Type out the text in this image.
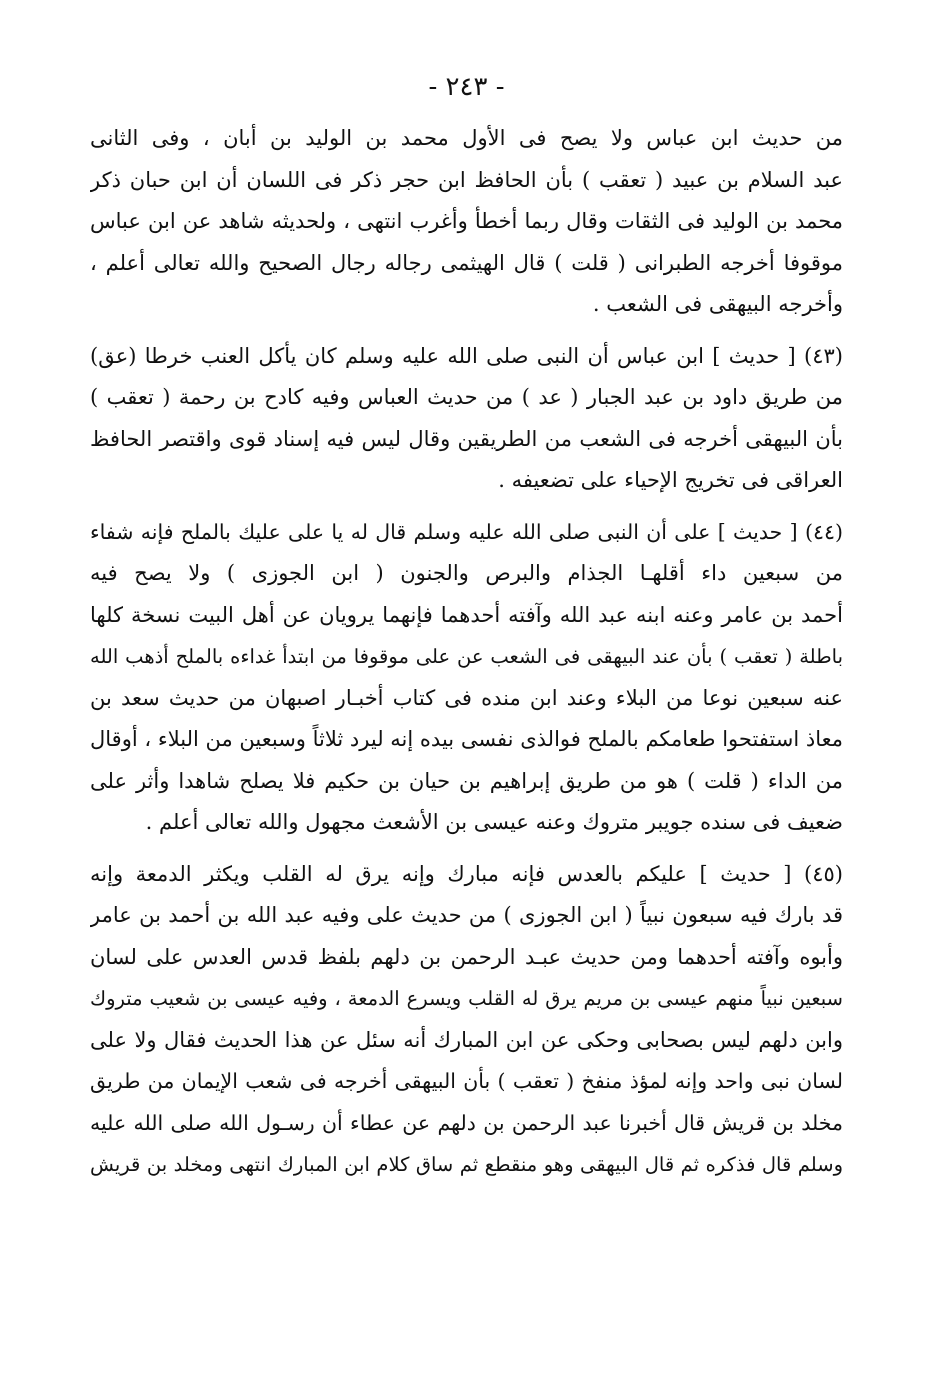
- ٢٤٣ -
من حديث ابن عباس ولا يصح فى الأول محمد بن الوليد بن أبان ، وفى الثانى
عبد السلام بن عبيد ( تعقب ) بأن الحافظ ابن حجر ذكر فى اللسان أن ابن حبان ذكر
محمد بن الوليد فى الثقات وقال ربما أخطأ وأغرب انتهى ، ولحديثه شاهد عن ابن عباس
موقوفا أخرجه الطبرانى ( قلت ) قال الهيثمى رجاله رجال الصحيح والله تعالى أعلم ،
وأخرجه البيهقى فى الشعب .
(٤٣) [ حديث ] ابن عباس أن النبى صلى الله عليه وسلم كان يأكل العنب خرطا (عق)
من طريق داود بن عبد الجبار ( عد ) من حديث العباس وفيه كادح بن رحمة ( تعقب )
بأن البيهقى أخرجه فى الشعب من الطريقين وقال ليس فيه إسناد قوى واقتصر الحافظ
العراقى فى تخريج الإحياء على تضعيفه .
(٤٤) [ حديث ] على أن النبى صلى الله عليه وسلم قال له يا على عليك بالملح فإنه شفاء
من سبعين داء أقلهـا الجذام والبرص والجنون ( ابن الجوزى ) ولا يصح فيه
أحمد بن عامر وعنه ابنه عبد الله وآفته أحدهما فإنهما يرويان عن أهل البيت نسخة كلها
باطلة ( تعقب ) بأن عند البيهقى فى الشعب عن على موقوفا من ابتدأ غداءه بالملح أذهب الله
عنه سبعين نوعا من البلاء وعند ابن منده فى كتاب أخبـار اصبهان من حديث سعد بن
معاذ استفتحوا طعامكم بالملح فوالذى نفسى بيده إنه ليرد ثلاثاً وسبعين من البلاء ، أوقال
من الداء ( قلت ) هو من طريق إبراهيم بن حيان بن حكيم فلا يصلح شاهدا وأثر على
ضعيف فى سنده جويبر متروك وعنه عيسى بن الأشعث مجهول والله تعالى أعلم .
(٤٥) [ حديث ] عليكم بالعدس فإنه مبارك وإنه يرق له القلب ويكثر الدمعة وإنه
قد بارك فيه سبعون نبياً ( ابن الجوزى ) من حديث على وفيه عبد الله بن أحمد بن عامر
وأبوه وآفته أحدهما ومن حديث عبـد الرحمن بن دلهم بلفظ قدس العدس على لسان
سبعين نبياً منهم عيسى بن مريم يرق له القلب ويسرع الدمعة ، وفيه عيسى بن شعيب متروك
وابن دلهم ليس بصحابى وحكى عن ابن المبارك أنه سئل عن هذا الحديث فقال ولا على
لسان نبى واحد وإنه لمؤذ منفخ ( تعقب ) بأن البيهقى أخرجه فى شعب الإيمان من طريق
مخلد بن قريش قال أخبرنا عبد الرحمن بن دلهم عن عطاء أن رسـول الله صلى الله عليه
وسلم قال فذكره ثم قال البيهقى وهو منقطع ثم ساق كلام ابن المبارك انتهى ومخلد بن قريش
